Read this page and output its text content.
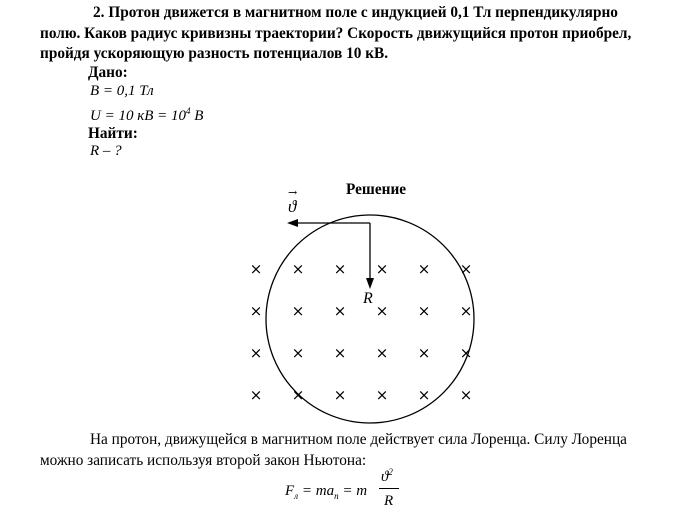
2. Протон движется в магнитном поле с индукцией 0,1 Тл перпендикулярно
полю. Каков радиус кривизны траектории? Скорость движущийся протон приобрел,
пройдя ускоряющую разность потенциалов 10 кВ.
Дано:
B = 0,1 Тл
U = 10 кВ = $10^4$ В
Найти:
R – ?
Решение
× × × × × ×
× × × × × ×
× × × × × ×
× × × × × ×
ϑ
→
R
На протон, движущейся в магнитном поле действует сила Лоренца. Силу Лоренца
можно записать используя второй закон Ньютона:
$F_л = ma_n = m$
$ϑ^2$
R
